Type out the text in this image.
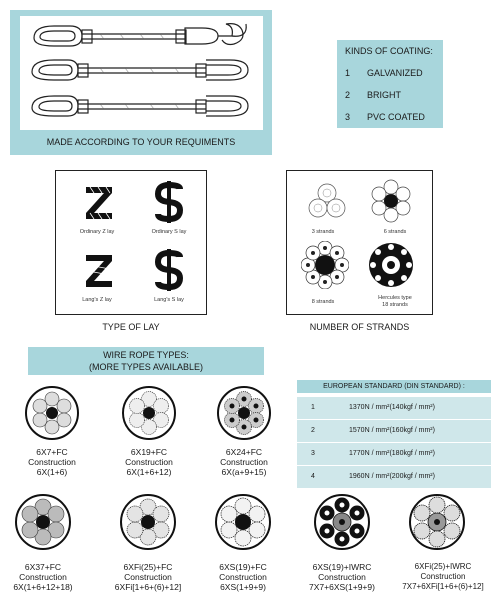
MADE ACCORDING TO YOUR REQUIMENTS
KINDS OF COATING:
1 GALVANIZED
2 BRIGHT
3 PVC COATED
Ordinary Z lay	Ordinary S lay
Lang's Z lay	Lang's S lay
TYPE OF LAY
3 strands	6 strands
8 strands
Hercules type
18 strands
NUMBER OF STRANDS
WIRE ROPE TYPES:
(MORE TYPES AVAILABLE)
6X7+FC
Construction
6X(1+6)
6X19+FC
Construction
6X(1+6+12)
6X24+FC
Construction
6X(a+9+15)
EUROPEAN STANDARD (DIN STANDARD) :
1	1370N / mm²(140kgf / mm²)
2	1570N / mm²(160kgf / mm²)
3	1770N / mm²(180kgf / mm²)
4	1960N / mm²(200kgf / mm²)
6X37+FC
Construction
6X(1+6+12+18)
6XFi(25)+FC
Construction
6XFi[1+6+(6)+12]
6XS(19)+FC
Construction
6XS(1+9+9)
6XS(19)+IWRC
Construction
7X7+6XS(1+9+9)
6XFi(25)+IWRC
Construction
7X7+6XFi[1+6+(6)+12]
